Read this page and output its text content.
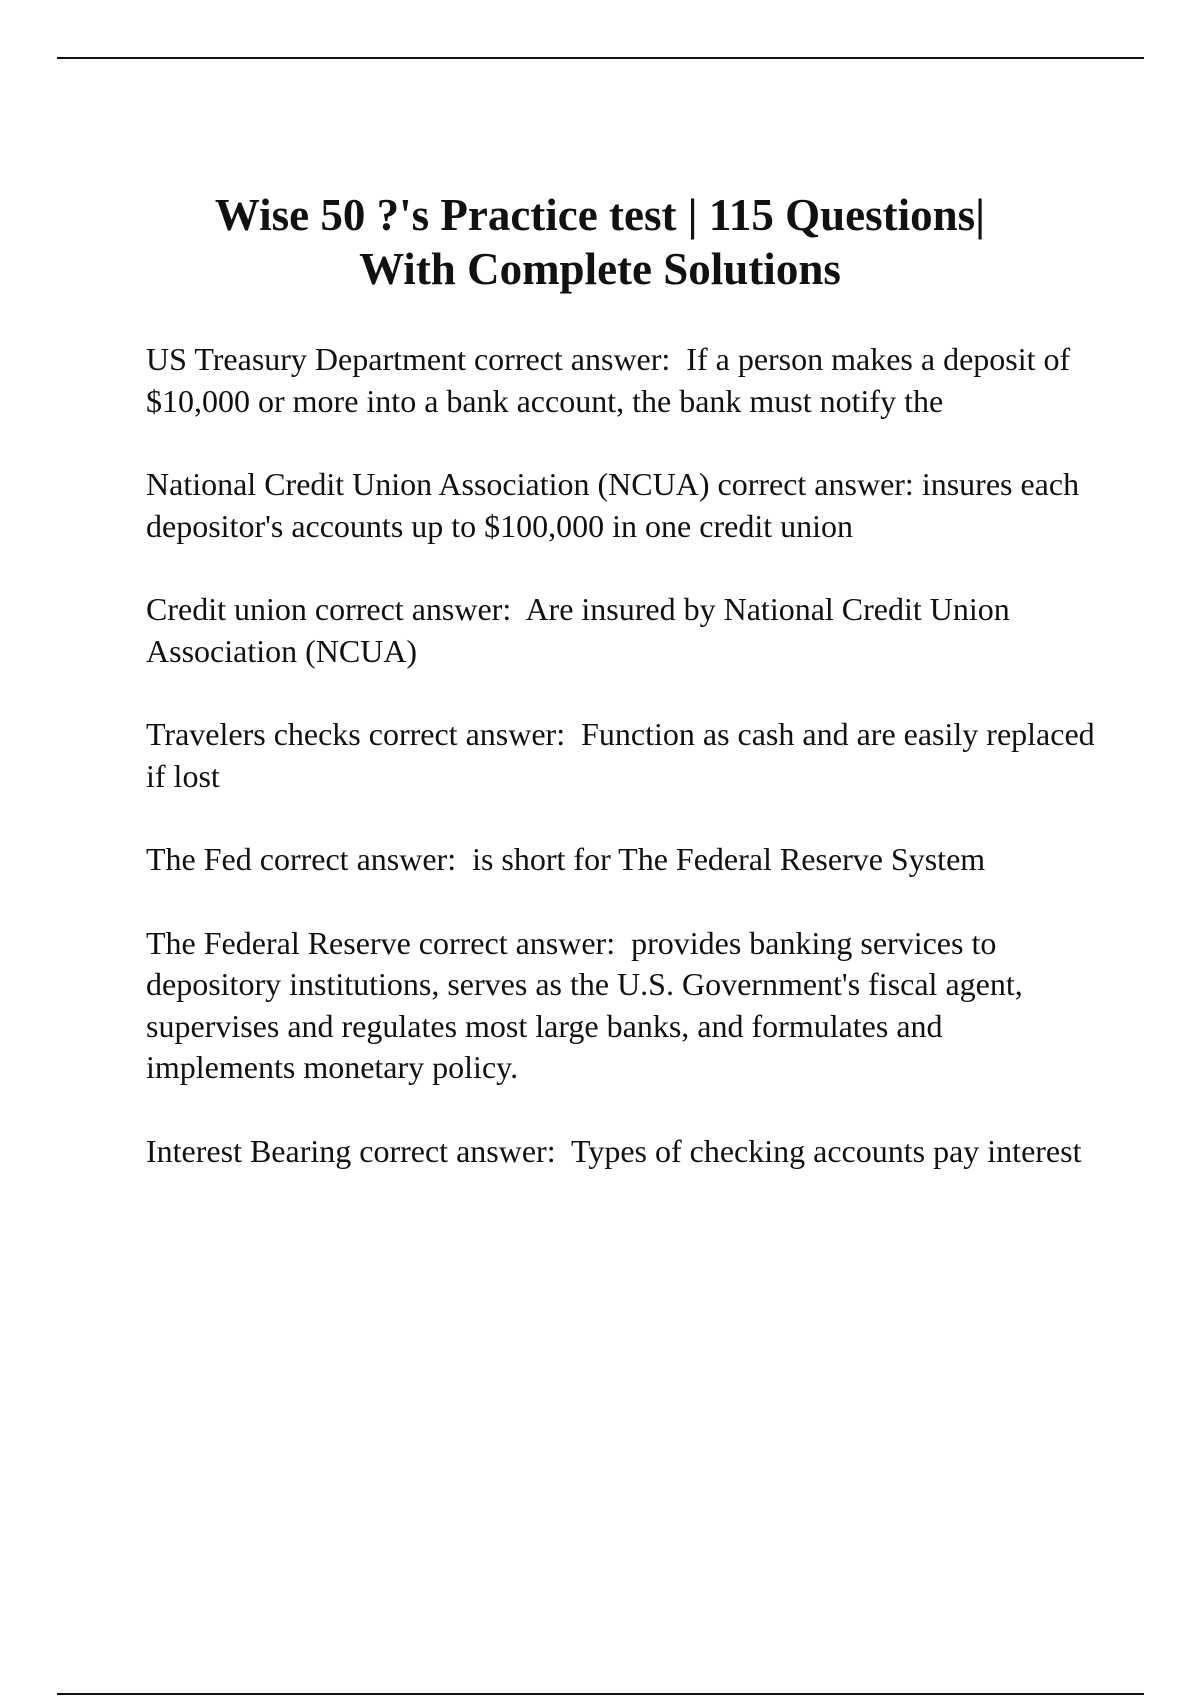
Wise 50 ?'s Practice test | 115 Questions|
With Complete Solutions

US Treasury Department correct answer:  If a person makes a deposit of $10,000 or more into a bank account, the bank must notify the

National Credit Union Association (NCUA) correct answer: insures each depositor's accounts up to $100,000 in one credit union

Credit union correct answer:  Are insured by National Credit Union Association (NCUA)

Travelers checks correct answer:  Function as cash and are easily replaced if lost

The Fed correct answer:  is short for The Federal Reserve System

The Federal Reserve correct answer:  provides banking services to depository institutions, serves as the U.S. Government's fiscal agent, supervises and regulates most large banks, and formulates and implements monetary policy.

Interest Bearing correct answer:  Types of checking accounts pay interest
